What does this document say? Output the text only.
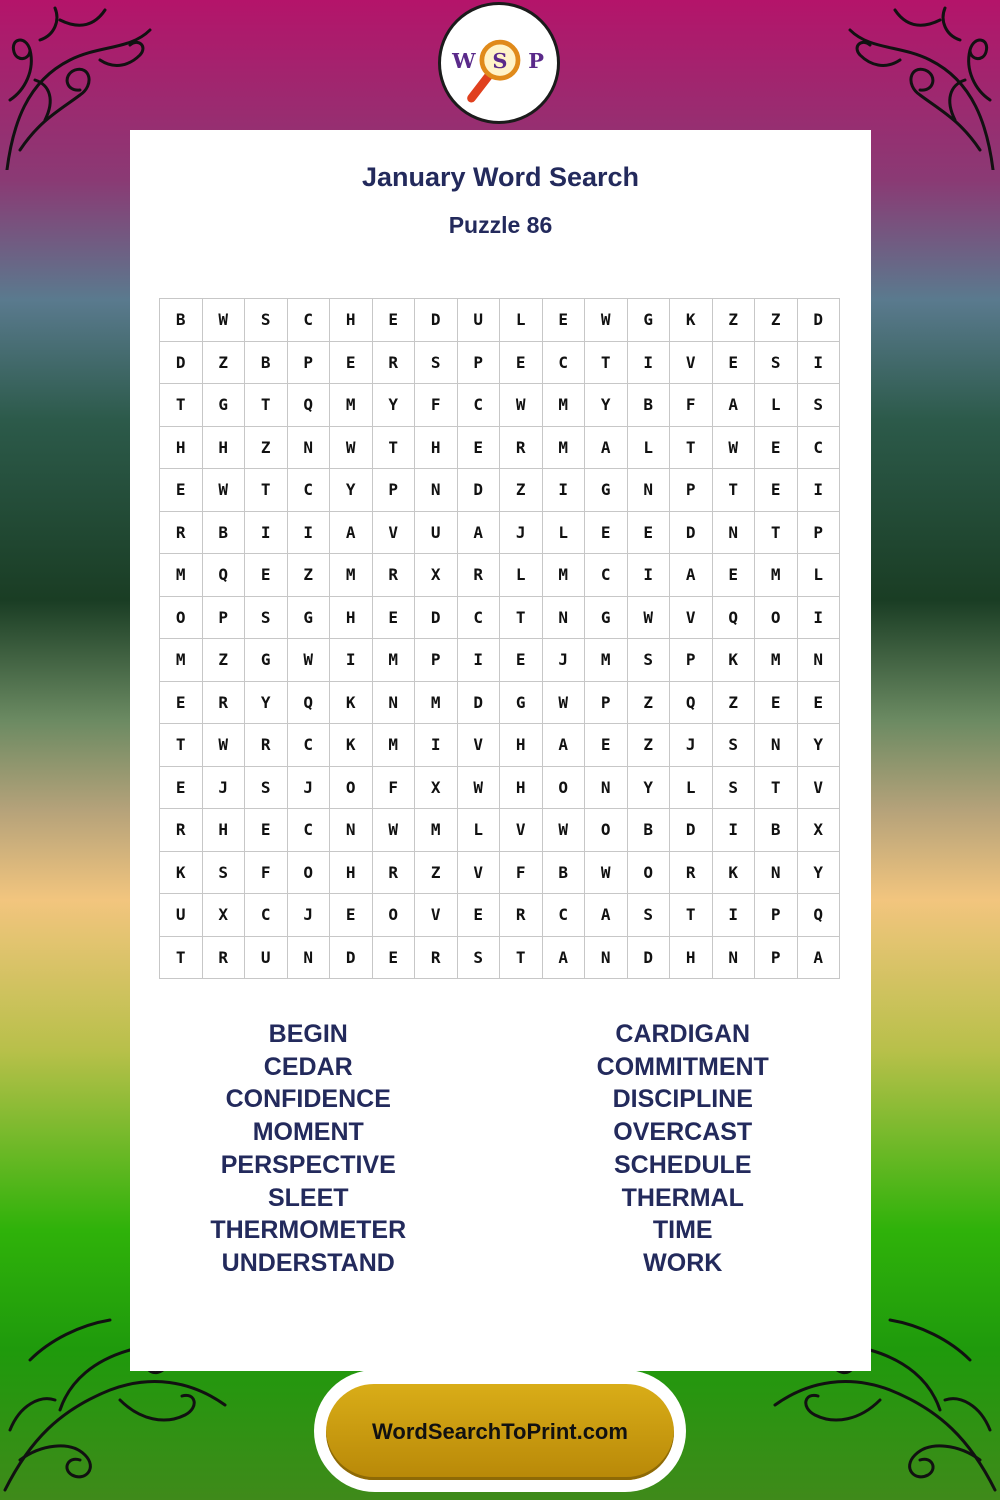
W S P
January Word Search
Puzzle 86
B	W	S	C	H	E	D	U	L	E	W	G	K	Z	Z	D
D	Z	B	P	E	R	S	P	E	C	T	I	V	E	S	I
T	G	T	Q	M	Y	F	C	W	M	Y	B	F	A	L	S
H	H	Z	N	W	T	H	E	R	M	A	L	T	W	E	C
E	W	T	C	Y	P	N	D	Z	I	G	N	P	T	E	I
R	B	I	I	A	V	U	A	J	L	E	E	D	N	T	P
M	Q	E	Z	M	R	X	R	L	M	C	I	A	E	M	L
O	P	S	G	H	E	D	C	T	N	G	W	V	Q	O	I
M	Z	G	W	I	M	P	I	E	J	M	S	P	K	M	N
E	R	Y	Q	K	N	M	D	G	W	P	Z	Q	Z	E	E
T	W	R	C	K	M	I	V	H	A	E	Z	J	S	N	Y
E	J	S	J	O	F	X	W	H	O	N	Y	L	S	T	V
R	H	E	C	N	W	M	L	V	W	O	B	D	I	B	X
K	S	F	O	H	R	Z	V	F	B	W	O	R	K	N	Y
U	X	C	J	E	O	V	E	R	C	A	S	T	I	P	Q
T	R	U	N	D	E	R	S	T	A	N	D	H	N	P	A
BEGIN
CEDAR
CONFIDENCE
MOMENT
PERSPECTIVE
SLEET
THERMOMETER
UNDERSTAND
CARDIGAN
COMMITMENT
DISCIPLINE
OVERCAST
SCHEDULE
THERMAL
TIME
WORK
WordSearchToPrint.com
